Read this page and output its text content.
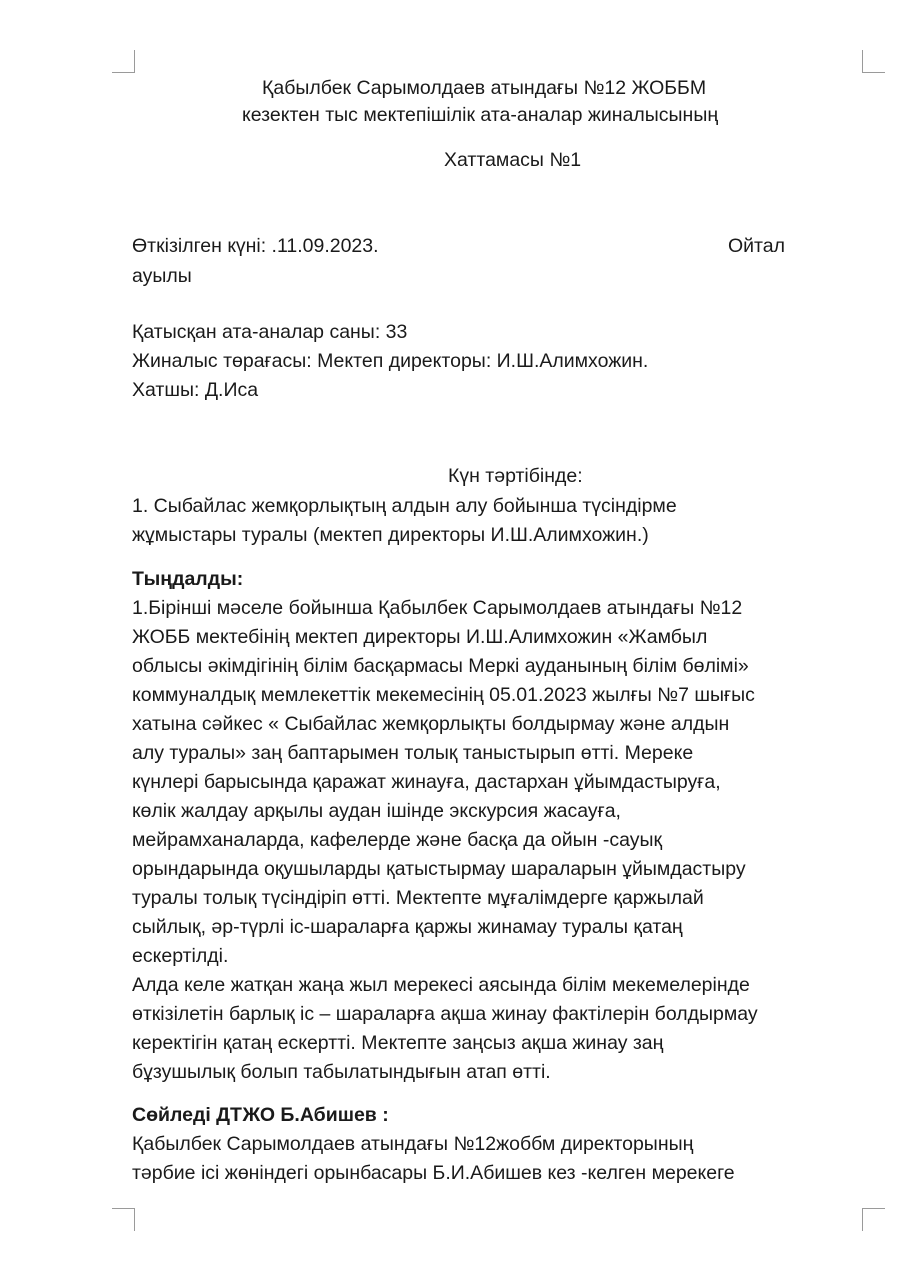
Қабылбек Сарымолдаев атындағы №12 ЖОББМ
кезектен тыс мектепішілік ата-аналар жиналысының
Хаттамасы №1
Өткізілген күні: .11.09.2023.	Ойтал
ауылы
Қатысқан ата-аналар саны: 33
Жиналыс төрағасы: Мектеп директоры: И.Ш.Алимхожин.
Хатшы: Д.Иса
Күн тәртібінде:
1. Сыбайлас жемқорлықтың алдын алу бойынша түсіндірме
жұмыстары туралы (мектеп директоры И.Ш.Алимхожин.)
Тыңдалды:
1.Бірінші мәселе бойынша Қабылбек Сарымолдаев атындағы №12
ЖОББ мектебінің мектеп директоры И.Ш.Алимхожин «Жамбыл
облысы әкімдігінің білім басқармасы Меркі ауданының білім бөлімі»
коммуналдық мемлекеттік мекемесінің 05.01.2023 жылғы №7 шығыс
хатына сәйкес « Сыбайлас жемқорлықты болдырмау және алдын
алу туралы» заң баптарымен толық таныстырып өтті. Мереке
күнлері барысында қаражат жинауға, дастархан ұйымдастыруға,
көлік жалдау арқылы аудан ішінде экскурсия жасауға,
мейрамханаларда, кафелерде және басқа да ойын -сауық
орындарында оқушыларды қатыстырмау шараларын ұйымдастыру
туралы толық түсіндіріп өтті. Мектепте мұғалімдерге қаржылай
сыйлық, әр-түрлі іс-шараларға қаржы жинамау туралы қатаң
ескертілді.
Алда келе жатқан жаңа жыл мерекесі аясында білім мекемелерінде
өткізілетін барлық іс – шараларға ақша жинау фактілерін болдырмау
керектігін қатаң ескертті. Мектепте заңсыз ақша жинау заң
бұзушылық болып табылатындығын атап өтті.
Сөйледі ДТЖО Б.Абишев :
Қабылбек Сарымолдаев атындағы №12жоббм директорының
тәрбие ісі жөніндегі орынбасары Б.И.Абишев кез -келген мерекеге
